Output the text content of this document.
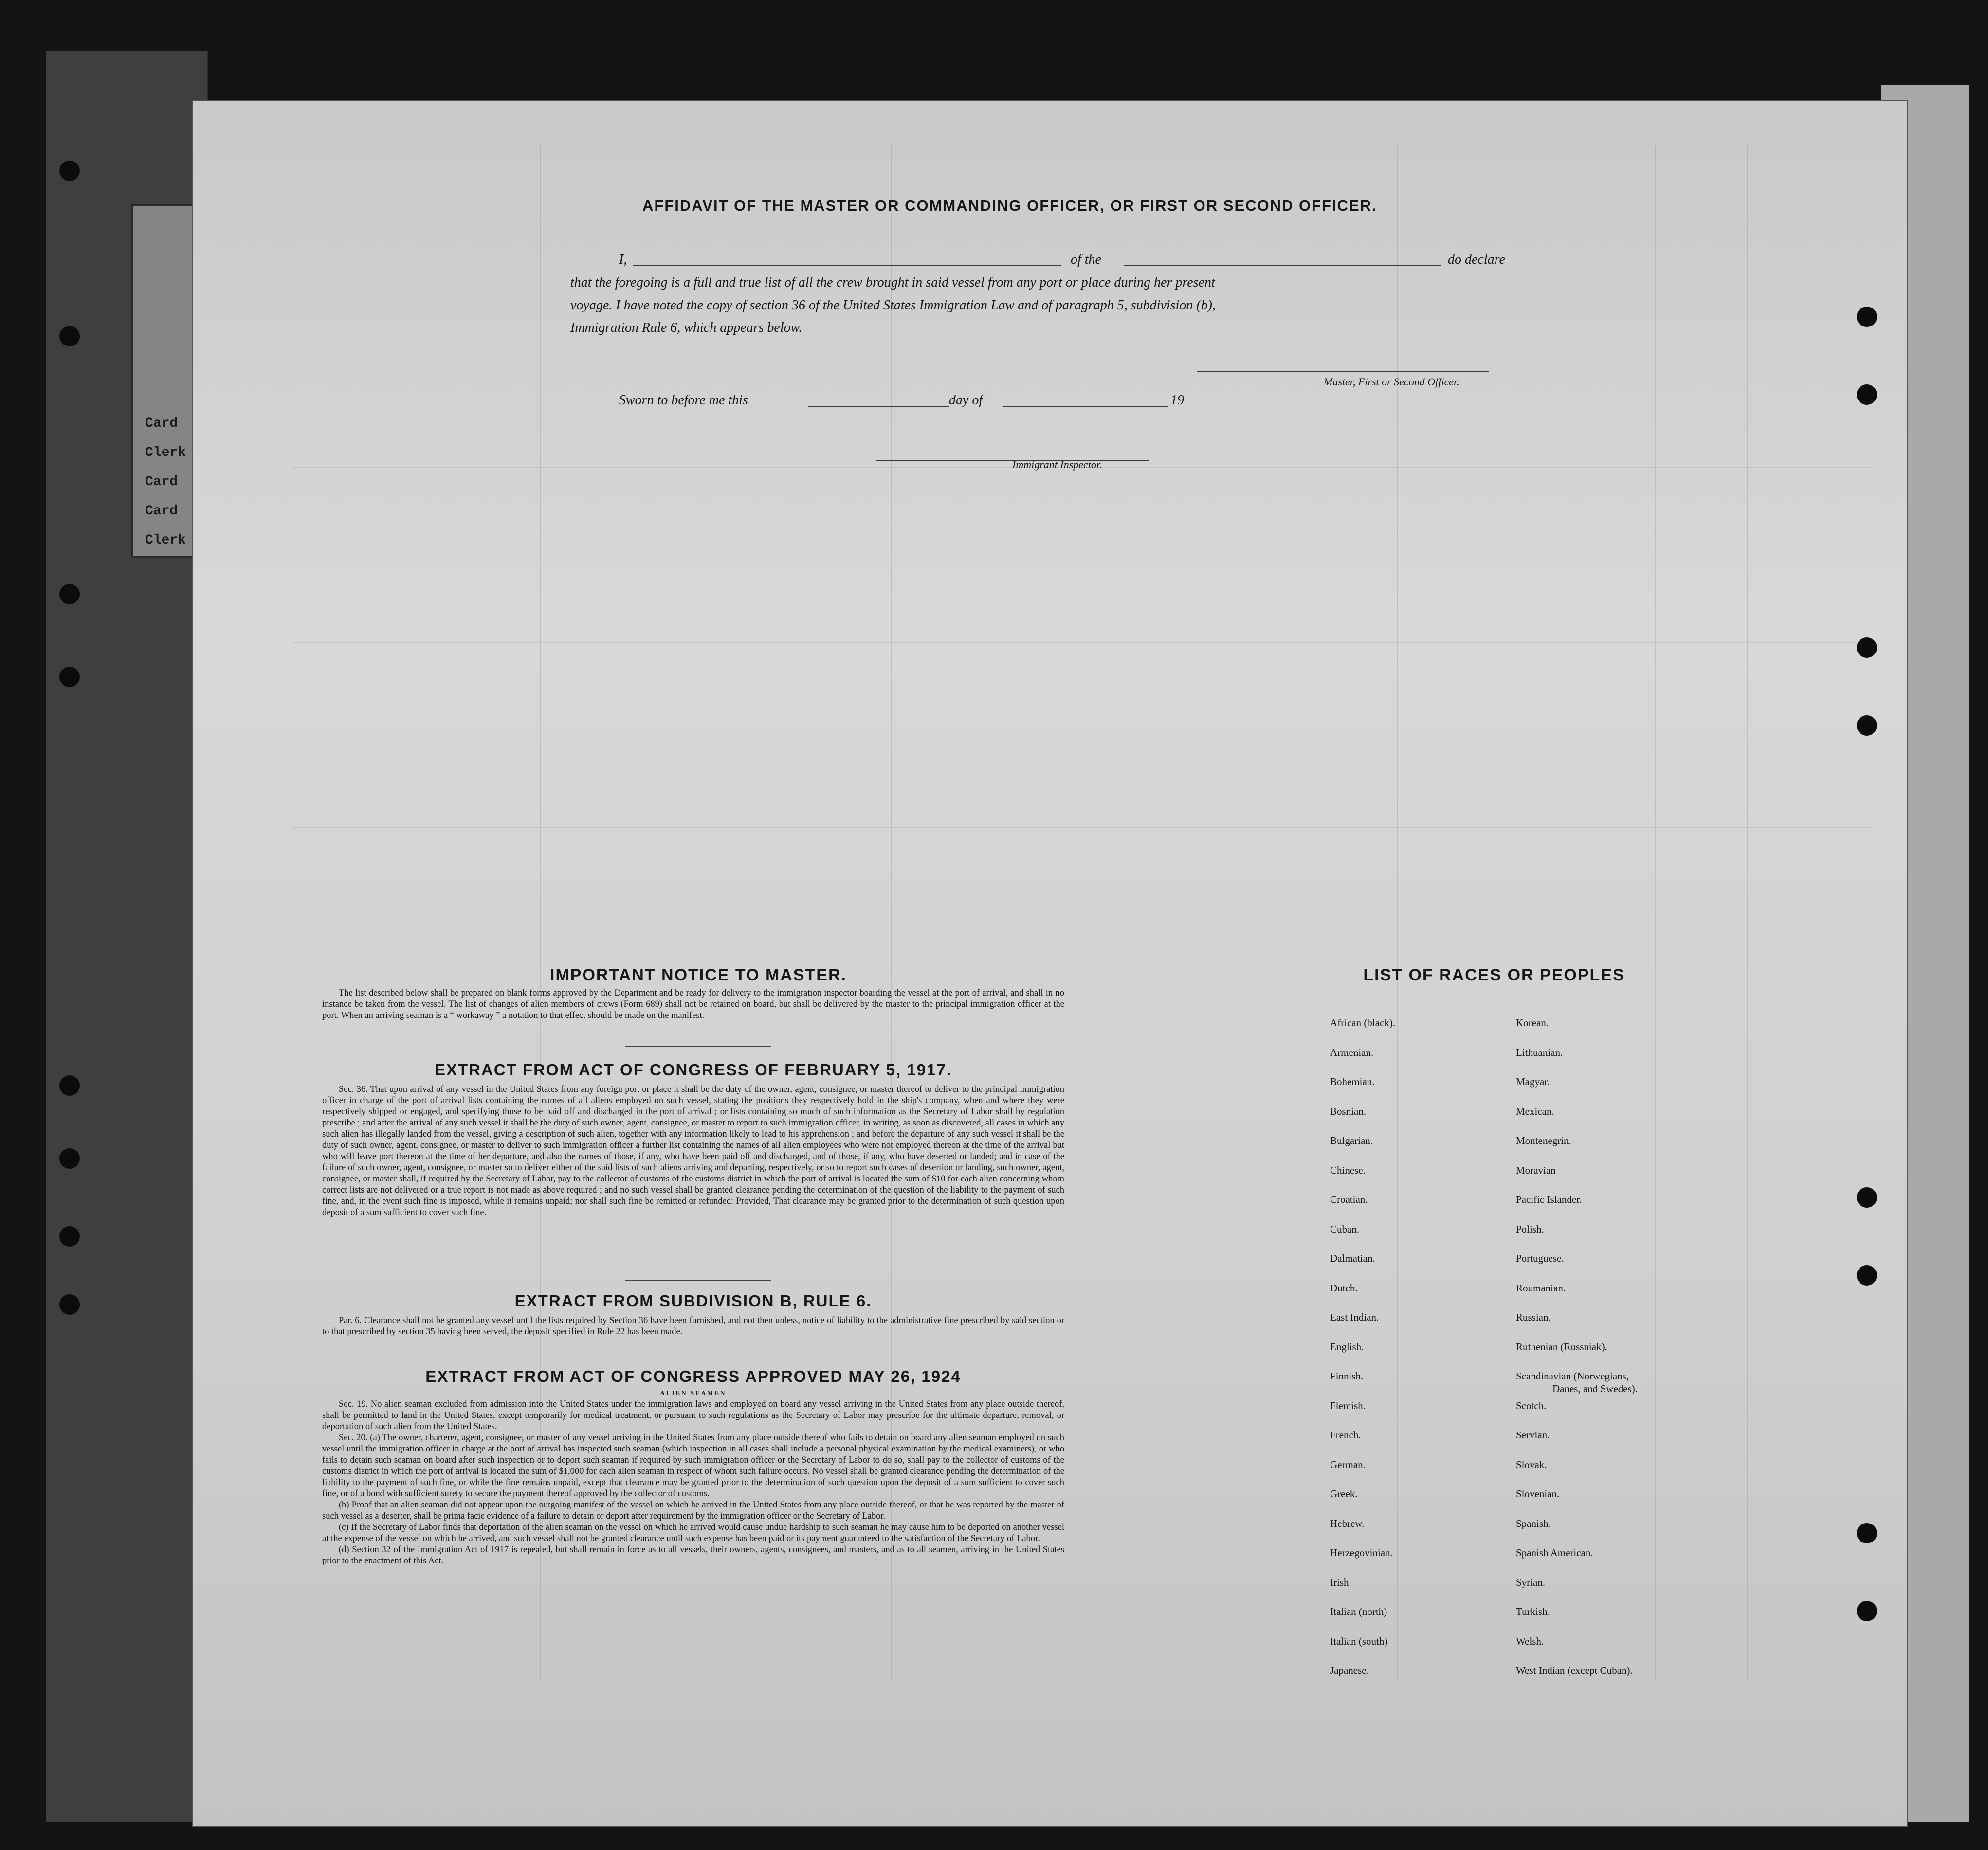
Card
Clerk
Card
Card
Clerk
AFFIDAVIT OF THE MASTER OR COMMANDING OFFICER, OR FIRST OR SECOND OFFICER.
I,	of the	do declare
that the foregoing is a full and true list of all the crew brought in said vessel from any port or place during her present
voyage. I have noted the copy of section 36 of the United States Immigration Law and of paragraph 5, subdivision (b),
Immigration Rule 6, which appears below.
Master, First or Second Officer.
Sworn to before me this	day of	19
Immigrant Inspector.
IMPORTANT NOTICE TO MASTER.
The list described below shall be prepared on blank forms approved by the Department and be ready for delivery to the immigration inspector boarding the vessel at the port of arrival, and shall in no instance be taken from the vessel. The list of changes of alien members of crews (Form 689) shall not be retained on board, but shall be delivered by the master to the principal immigration officer at the port. When an arriving seaman is a “ workaway ” a notation to that effect should be made on the manifest.
EXTRACT FROM ACT OF CONGRESS OF FEBRUARY 5, 1917.
Sec. 36. That upon arrival of any vessel in the United States from any foreign port or place it shall be the duty of the owner, agent, consignee, or master thereof to deliver to the principal immigration officer in charge of the port of arrival lists containing the names of all aliens employed on such vessel, stating the positions they respectively hold in the ship's company, when and where they were respectively shipped or engaged, and specifying those to be paid off and discharged in the port of arrival ; or lists containing so much of such information as the Secretary of Labor shall by regulation prescribe ; and after the arrival of any such vessel it shall be the duty of such owner, agent, consignee, or master to report to such immigration officer, in writing, as soon as discovered, all cases in which any such alien has illegally landed from the vessel, giving a description of such alien, together with any information likely to lead to his apprehension ; and before the departure of any such vessel it shall be the duty of such owner, agent, consignee, or master to deliver to such immigration officer a further list containing the names of all alien employees who were not employed thereon at the time of the arrival but who will leave port thereon at the time of her departure, and also the names of those, if any, who have been paid off and discharged, and of those, if any, who have deserted or landed; and in case of the failure of such owner, agent, consignee, or master so to deliver either of the said lists of such aliens arriving and departing, respectively, or so to report such cases of desertion or landing, such owner, agent, consignee, or master shall, if required by the Secretary of Labor, pay to the collector of customs of the customs district in which the port of arrival is located the sum of $10 for each alien concerning whom correct lists are not delivered or a true report is not made as above required ; and no such vessel shall be granted clearance pending the determination of the question of the liability to the payment of such fine, and, in the event such fine is imposed, while it remains unpaid; nor shall such fine be remitted or refunded: Provided, That clearance may be granted prior to the determination of such question upon deposit of a sum sufficient to cover such fine.
EXTRACT FROM SUBDIVISION B, RULE 6.
Par. 6. Clearance shall not be granted any vessel until the lists required by Section 36 have been furnished, and not then unless, notice of liability to the administrative fine prescribed by said section or to that prescribed by section 35 having been served, the deposit specified in Rule 22 has been made.
EXTRACT FROM ACT OF CONGRESS APPROVED MAY 26, 1924
ALIEN SEAMEN
Sec. 19. No alien seaman excluded from admission into the United States under the immigration laws and employed on board any vessel arriving in the United States from any place outside thereof, shall be permitted to land in the United States, except temporarily for medical treatment, or pursuant to such regulations as the Secretary of Labor may prescribe for the ultimate departure, removal, or deportation of such alien from the United States.
Sec. 20. (a) The owner, charterer, agent, consignee, or master of any vessel arriving in the United States from any place outside thereof who fails to detain on board any alien seaman employed on such vessel until the immigration officer in charge at the port of arrival has inspected such seaman (which inspection in all cases shall include a personal physical examination by the medical examiners), or who fails to detain such seaman on board after such inspection or to deport such seaman if required by such immigration officer or the Secretary of Labor to do so, shall pay to the collector of customs of the customs district in which the port of arrival is located the sum of $1,000 for each alien seaman in respect of whom such failure occurs. No vessel shall be granted clearance pending the determination of the liability to the payment of such fine, or while the fine remains unpaid, except that clearance may be granted prior to the determination of such question upon the deposit of a sum sufficient to cover such fine, or of a bond with sufficient surety to secure the payment thereof approved by the collector of customs.
(b) Proof that an alien seaman did not appear upon the outgoing manifest of the vessel on which he arrived in the United States from any place outside thereof, or that he was reported by the master of such vessel as a deserter, shall be prima facie evidence of a failure to detain or deport after requirement by the immigration officer or the Secretary of Labor.
(c) If the Secretary of Labor finds that deportation of the alien seaman on the vessel on which he arrived would cause undue hardship to such seaman he may cause him to be deported on another vessel at the expense of the vessel on which he arrived, and such vessel shall not be granted clearance until such expense has been paid or its payment guaranteed to the satisfaction of the Secretary of Labor.
(d) Section 32 of the Immigration Act of 1917 is repealed, but shall remain in force as to all vessels, their owners, agents, consignees, and masters, and as to all seamen, arriving in the United States prior to the enactment of this Act.
LIST OF RACES OR PEOPLES
African (black).
Armenian.
Bohemian.
Bosnian.
Bulgarian.
Chinese.
Croatian.
Cuban.
Dalmatian.
Dutch.
East Indian.
English.
Finnish.
Flemish.
French.
German.
Greek.
Hebrew.
Herzegovinian.
Irish.
Italian (north)
Italian (south)
Japanese.
Korean.
Lithuanian.
Magyar.
Mexican.
Montenegrin.
Moravian
Pacific Islander.
Polish.
Portuguese.
Roumanian.
Russian.
Ruthenian (Russniak).
Scandinavian (Norwegians,
Scotch.
Servian.
Slovak.
Slovenian.
Spanish.
Spanish American.
Syrian.
Turkish.
Welsh.
West Indian (except Cuban).
Danes, and Swedes).
